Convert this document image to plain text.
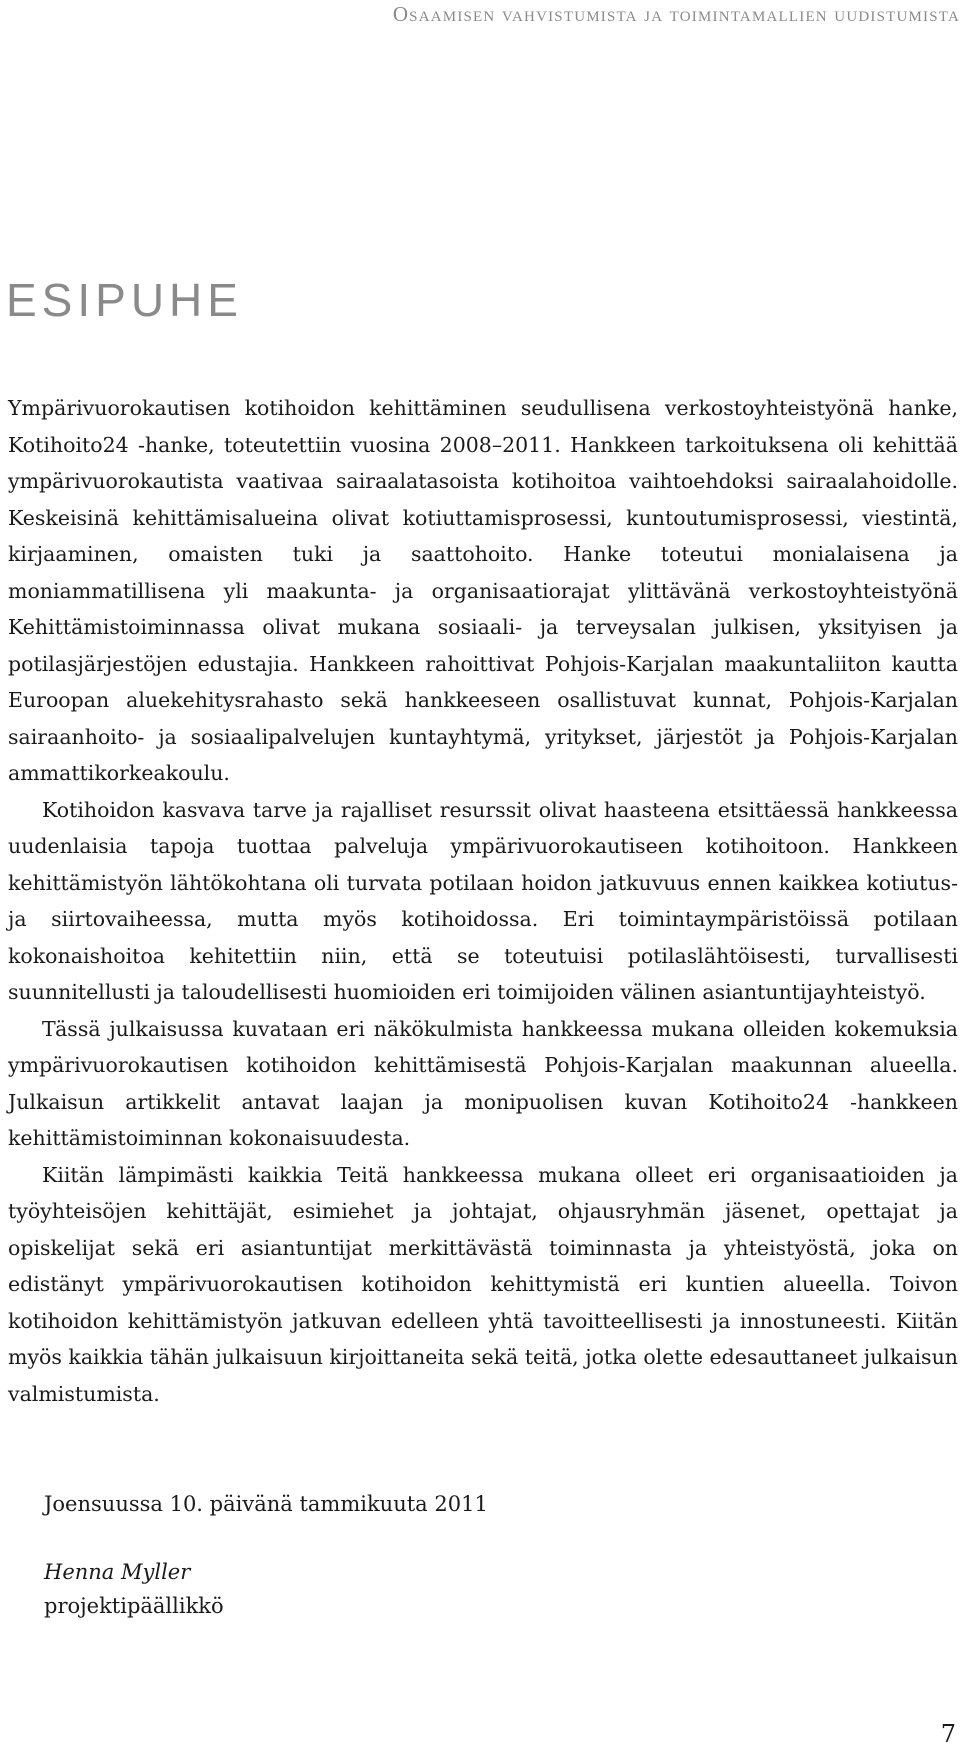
Osaamisen vahvistumista ja toimintamallien uudistumista
ESIPUHE

Ympärivuorokautisen kotihoidon kehittäminen seudullisena verkostoyhteistyönä hanke, Kotihoito24 -hanke, toteutettiin vuosina 2008–2011. Hankkeen tarkoituksena oli kehittää ympärivuorokautista vaativaa sairaalatasoista kotihoitoa vaihtoehdoksi sairaalahoidolle. Keskeisinä kehittämisalueina olivat kotiuttamisprosessi, kuntoutumisprosessi, viestintä, kirjaaminen, omaisten tuki ja saattohoito. Hanke toteutui monialaisena ja moniammatillisena yli maakunta- ja organisaatiorajat ylittävänä verkostoyhteistyönä Kehittämistoiminnassa olivat mukana sosiaali- ja terveysalan julkisen, yksityisen ja potilasjärjestöjen edustajia. Hankkeen rahoittivat Pohjois-Karjalan maakuntaliiton kautta Euroopan aluekehitysrahasto sekä hankkeeseen osallistuvat kunnat, Pohjois-Karjalan sairaanhoito- ja sosiaalipalvelujen kuntayhtymä, yritykset, järjestöt ja Pohjois-Karjalan ammattikorkeakoulu.

Kotihoidon kasvava tarve ja rajalliset resurssit olivat haasteena etsittäessä hankkeessa uudenlaisia tapoja tuottaa palveluja ympärivuorokautiseen kotihoitoon. Hankkeen kehittämistyön lähtökohtana oli turvata potilaan hoidon jatkuvuus ennen kaikkea kotiutus- ja siirtovaiheessa, mutta myös kotihoidossa. Eri toimintaympäristöissä potilaan kokonaishoitoa kehitettiin niin, että se toteutuisi potilaslähtöisesti, turvallisesti suunnitellusti ja taloudellisesti huomioiden eri toimijoiden välinen asiantuntijayhteistyö.

Tässä julkaisussa kuvataan eri näkökulmista hankkeessa mukana olleiden kokemuksia ympärivuorokautisen kotihoidon kehittämisestä Pohjois-Karjalan maakunnan alueella. Julkaisun artikkelit antavat laajan ja monipuolisen kuvan Kotihoito24 -hankkeen kehittämistoiminnan kokonaisuudesta.

Kiitän lämpimästi kaikkia Teitä hankkeessa mukana olleet eri organisaatioiden ja työyhteisöjen kehittäjät, esimiehet ja johtajat, ohjausryhmän jäsenet, opettajat ja opiskelijat sekä eri asiantuntijat merkittävästä toiminnasta ja yhteistyöstä, joka on edistänyt ympärivuorokautisen kotihoidon kehittymistä eri kuntien alueella. Toivon kotihoidon kehittämistyön jatkuvan edelleen yhtä tavoitteellisesti ja innostuneesti. Kiitän myös kaikkia tähän julkaisuun kirjoittaneita sekä teitä, jotka olette edesauttaneet julkaisun valmistumista.

Joensuussa 10. päivänä tammikuuta 2011
Henna Myller
projektipäällikkö
7
